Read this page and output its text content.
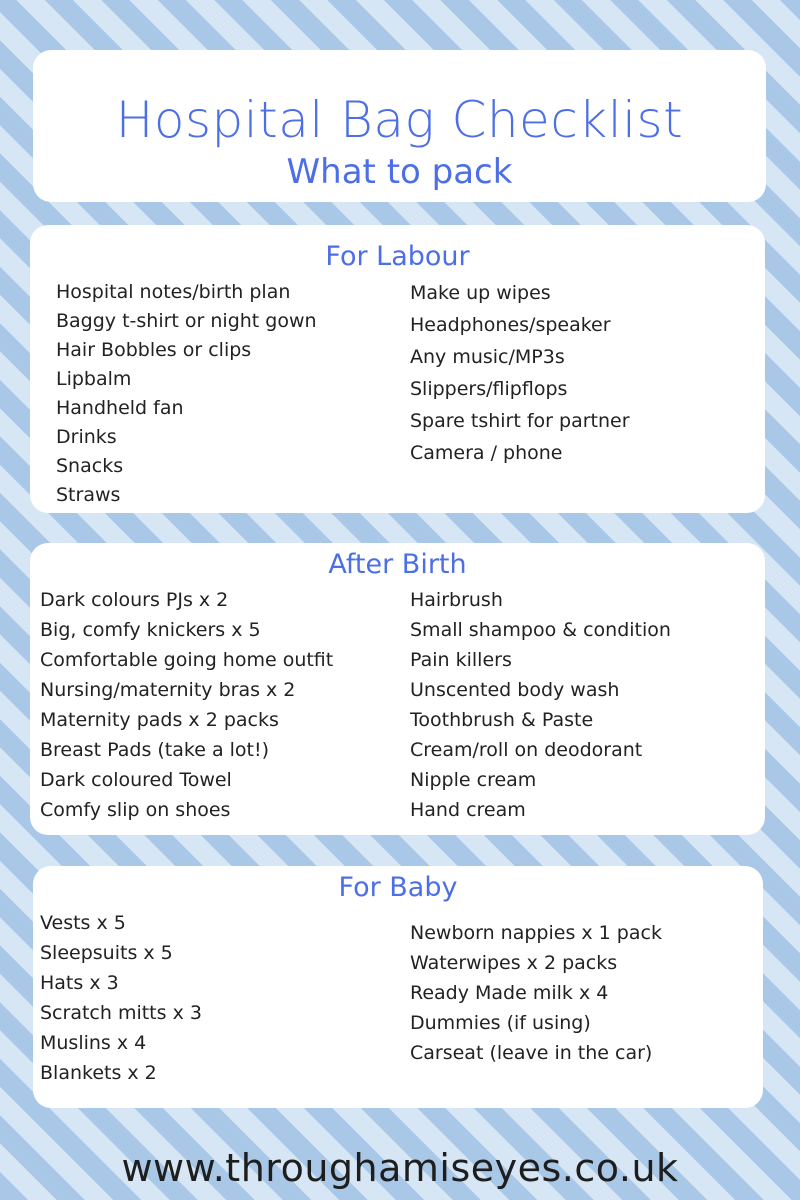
Hospital Bag Checklist
What to pack
For Labour
Hospital notes/birth plan
Baggy t-shirt or night gown
Hair Bobbles or clips
Lipbalm
Handheld fan
Drinks
Snacks
Straws
Make up wipes
Headphones/speaker
Any music/MP3s
Slippers/flipflops
Spare tshirt for partner
Camera / phone
After Birth
Dark colours PJs x 2
Big, comfy knickers x 5
Comfortable going home outfit
Nursing/maternity bras x 2
Maternity pads x 2 packs
Breast Pads (take a lot!)
Dark coloured Towel
Comfy slip on shoes
Hairbrush
Small shampoo & condition
Pain killers
Unscented body wash
Toothbrush & Paste
Cream/roll on deodorant
Nipple cream
Hand cream
For Baby
Vests x 5
Sleepsuits x 5
Hats x 3
Scratch mitts x 3
Muslins x 4
Blankets x 2
Newborn nappies x 1 pack
Waterwipes x 2 packs
Ready Made milk x 4
Dummies (if using)
Carseat (leave in the car)
www.throughamiseyes.co.uk
